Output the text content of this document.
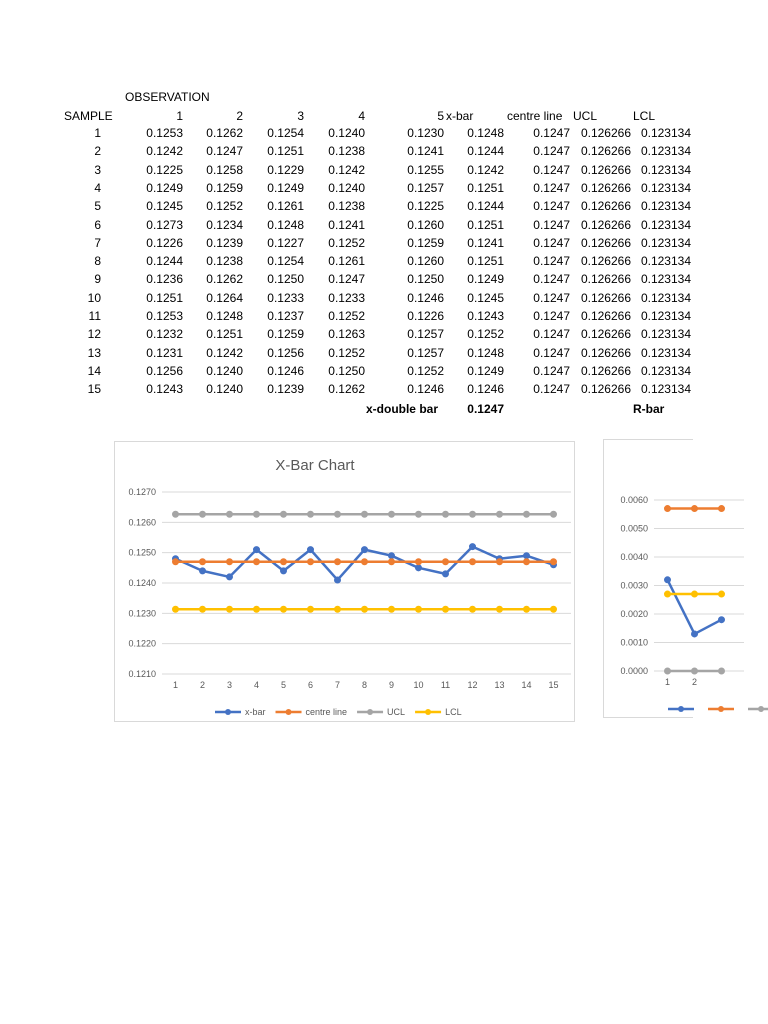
OBSERVATION
SAMPLE	1	2	3	4	5 x-bar	centre line UCL	LCL
1	0.1253 0.1262 0.1254 0.1240	0.1230 0.1248 0.1247 0.126266 0.123134
2	0.1242 0.1247 0.1251 0.1238	0.1241 0.1244 0.1247 0.126266 0.123134
3	0.1225 0.1258 0.1229 0.1242	0.1255 0.1242 0.1247 0.126266 0.123134
4	0.1249 0.1259 0.1249 0.1240	0.1257 0.1251 0.1247 0.126266 0.123134
5	0.1245 0.1252 0.1261 0.1238	0.1225 0.1244 0.1247 0.126266 0.123134
6	0.1273 0.1234 0.1248 0.1241	0.1260 0.1251 0.1247 0.126266 0.123134
7	0.1226 0.1239 0.1227 0.1252	0.1259 0.1241 0.1247 0.126266 0.123134
8	0.1244 0.1238 0.1254 0.1261	0.1260 0.1251 0.1247 0.126266 0.123134
9	0.1236 0.1262 0.1250 0.1247	0.1250 0.1249 0.1247 0.126266 0.123134
10	0.1251 0.1264 0.1233 0.1233	0.1246 0.1245 0.1247 0.126266 0.123134
11	0.1253 0.1248 0.1237 0.1252	0.1226 0.1243 0.1247 0.126266 0.123134
12	0.1232 0.1251 0.1259 0.1263	0.1257 0.1252 0.1247 0.126266 0.123134
13	0.1231 0.1242 0.1256 0.1252	0.1257 0.1248 0.1247 0.126266 0.123134
14	0.1256 0.1240 0.1246 0.1250	0.1252 0.1249 0.1247 0.126266 0.123134
15	0.1243 0.1240 0.1239 0.1262	0.1246 0.1246 0.1247 0.126266 0.123134
x-double bar 0.1247	R-bar
X-Bar Chart
0.1210
0.1220
0.1230
0.1240
0.1250
0.1260
0.1270
1 2 3 4 5 6 7 8 9 10 11 12 13 14 15
x-bar	centre line	UCL	LCL
0.0000
0.0010
0.0020
0.0030
0.0040
0.0050
0.0060
1 2
